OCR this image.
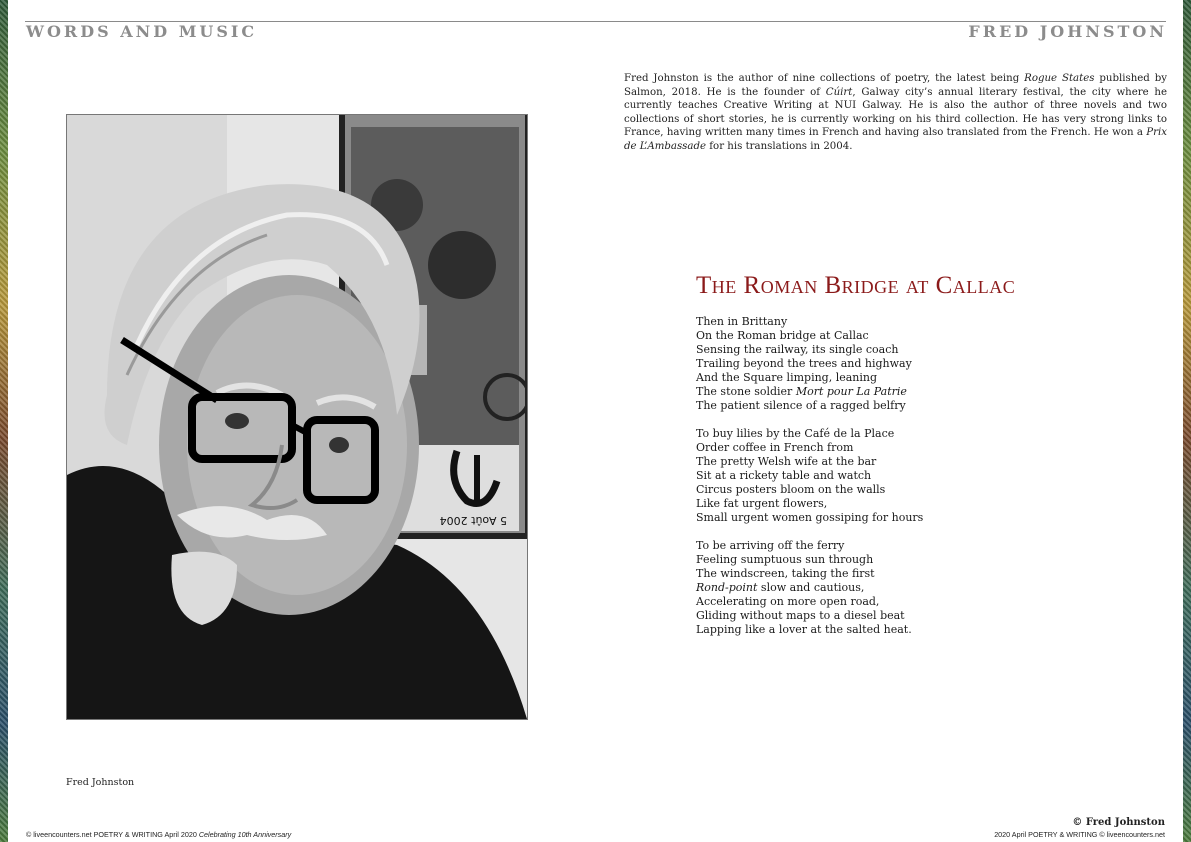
WORDS AND MUSIC	FRED JOHNSTON
Fred Johnston is the author of nine collections of poetry, the latest being Rogue States published by Salmon, 2018. He is the founder of Cúirt, Galway city’s annual literary festival, the city where he currently teaches Creative Writing at NUI Galway. He is also the author of three novels and two collections of short stories, he is currently working on his third collection. He has very strong links to France, having written many times in French and having also translated from the French. He won a Prix de L’Ambassade for his translations in 2004.
5 Août 2004
Fred Johnston
The Roman Bridge at Callac
Then in Brittany
On the Roman bridge at Callac
Sensing the railway, its single coach
Trailing beyond the trees and highway
And the Square limping, leaning
The stone soldier Mort pour La Patrie
The patient silence of a ragged belfry
To buy lilies by the Café de la Place
Order coffee in French from
The pretty Welsh wife at the bar
Sit at a rickety table and watch
Circus posters bloom on the walls
Like fat urgent flowers,
Small urgent women gossiping for hours
To be arriving off the ferry
Feeling sumptuous sun through
The windscreen, taking the first
Rond-point slow and cautious,
Accelerating on more open road,
Gliding without maps to a diesel beat
Lapping like a lover at the salted heat.
© Fred Johnston
© liveencounters.net POETRY & WRITING April 2020 Celebrating 10th Anniversary	2020 April POETRY & WRITING © liveencounters.net
